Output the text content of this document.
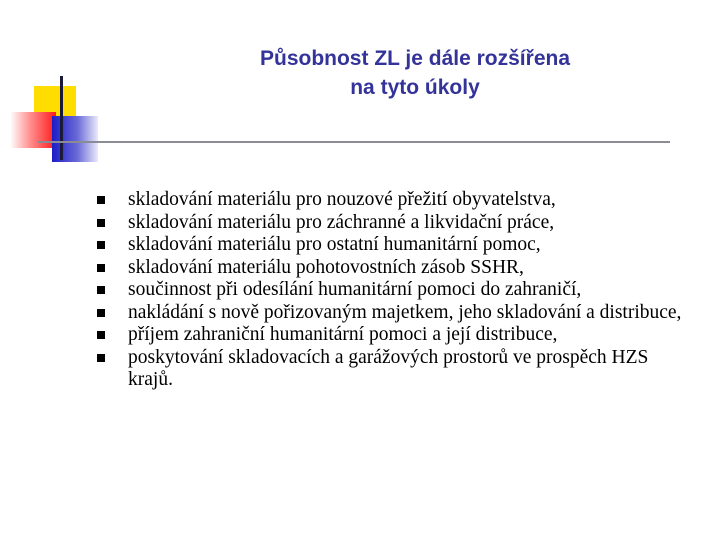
Působnost ZL je dále rozšířena
na tyto úkoly
skladování materiálu pro nouzové přežití obyvatelstva,
skladování materiálu pro záchranné a likvidační práce,
skladování materiálu pro ostatní humanitární pomoc,
skladování materiálu pohotovostních zásob SSHR,
součinnost při odesílání humanitární pomoci do zahraničí,
nakládání s nově pořizovaným majetkem, jeho skladování a distribuce,
příjem zahraniční humanitární pomoci a její distribuce,
poskytování skladovacích a garážových prostorů ve prospěch HZS krajů.
